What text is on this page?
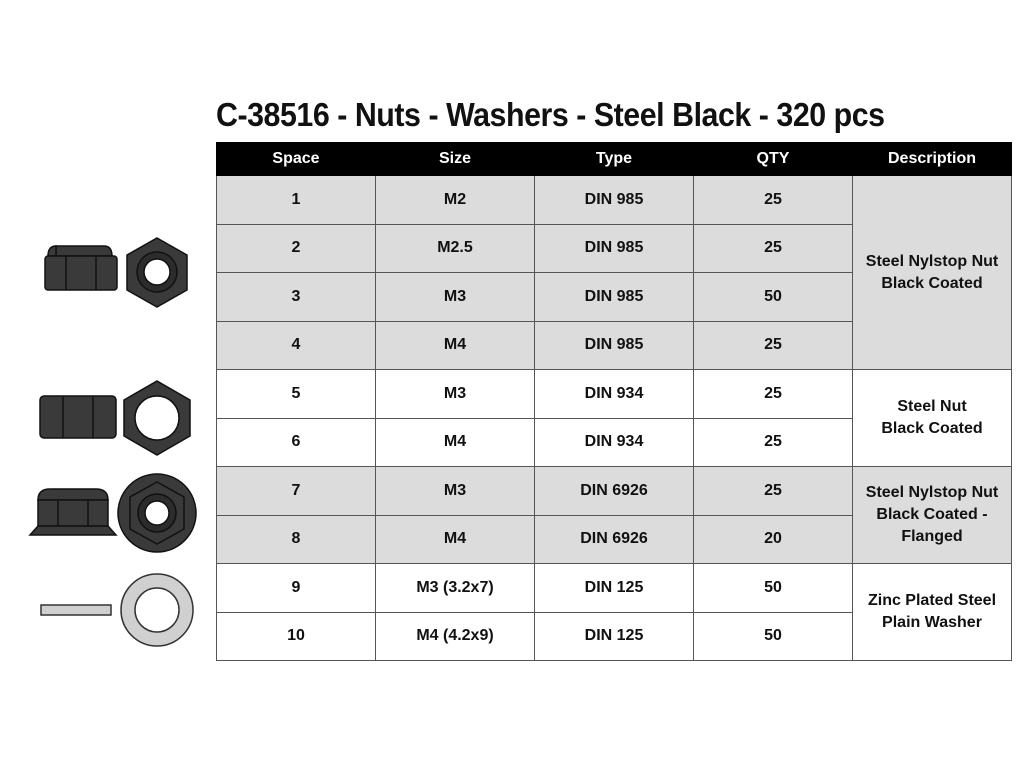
C-38516 - Nuts - Washers - Steel Black - 320 pcs
Space	Size	Type	QTY	Description
1	M2	DIN 985	25	Steel Nylstop Nut
Black Coated
2	M2.5	DIN 985	25	
3	M3	DIN 985	50	
4	M4	DIN 985	25	
5	M3	DIN 934	25	Steel Nut
Black Coated
6	M4	DIN 934	25	
7	M3	DIN 6926	25	Steel Nylstop Nut
Black Coated -
Flanged
8	M4	DIN 6926	20	
9	M3 (3.2x7)	DIN 125	50	Zinc Plated Steel
Plain Washer
10	M4 (4.2x9)	DIN 125	50	
